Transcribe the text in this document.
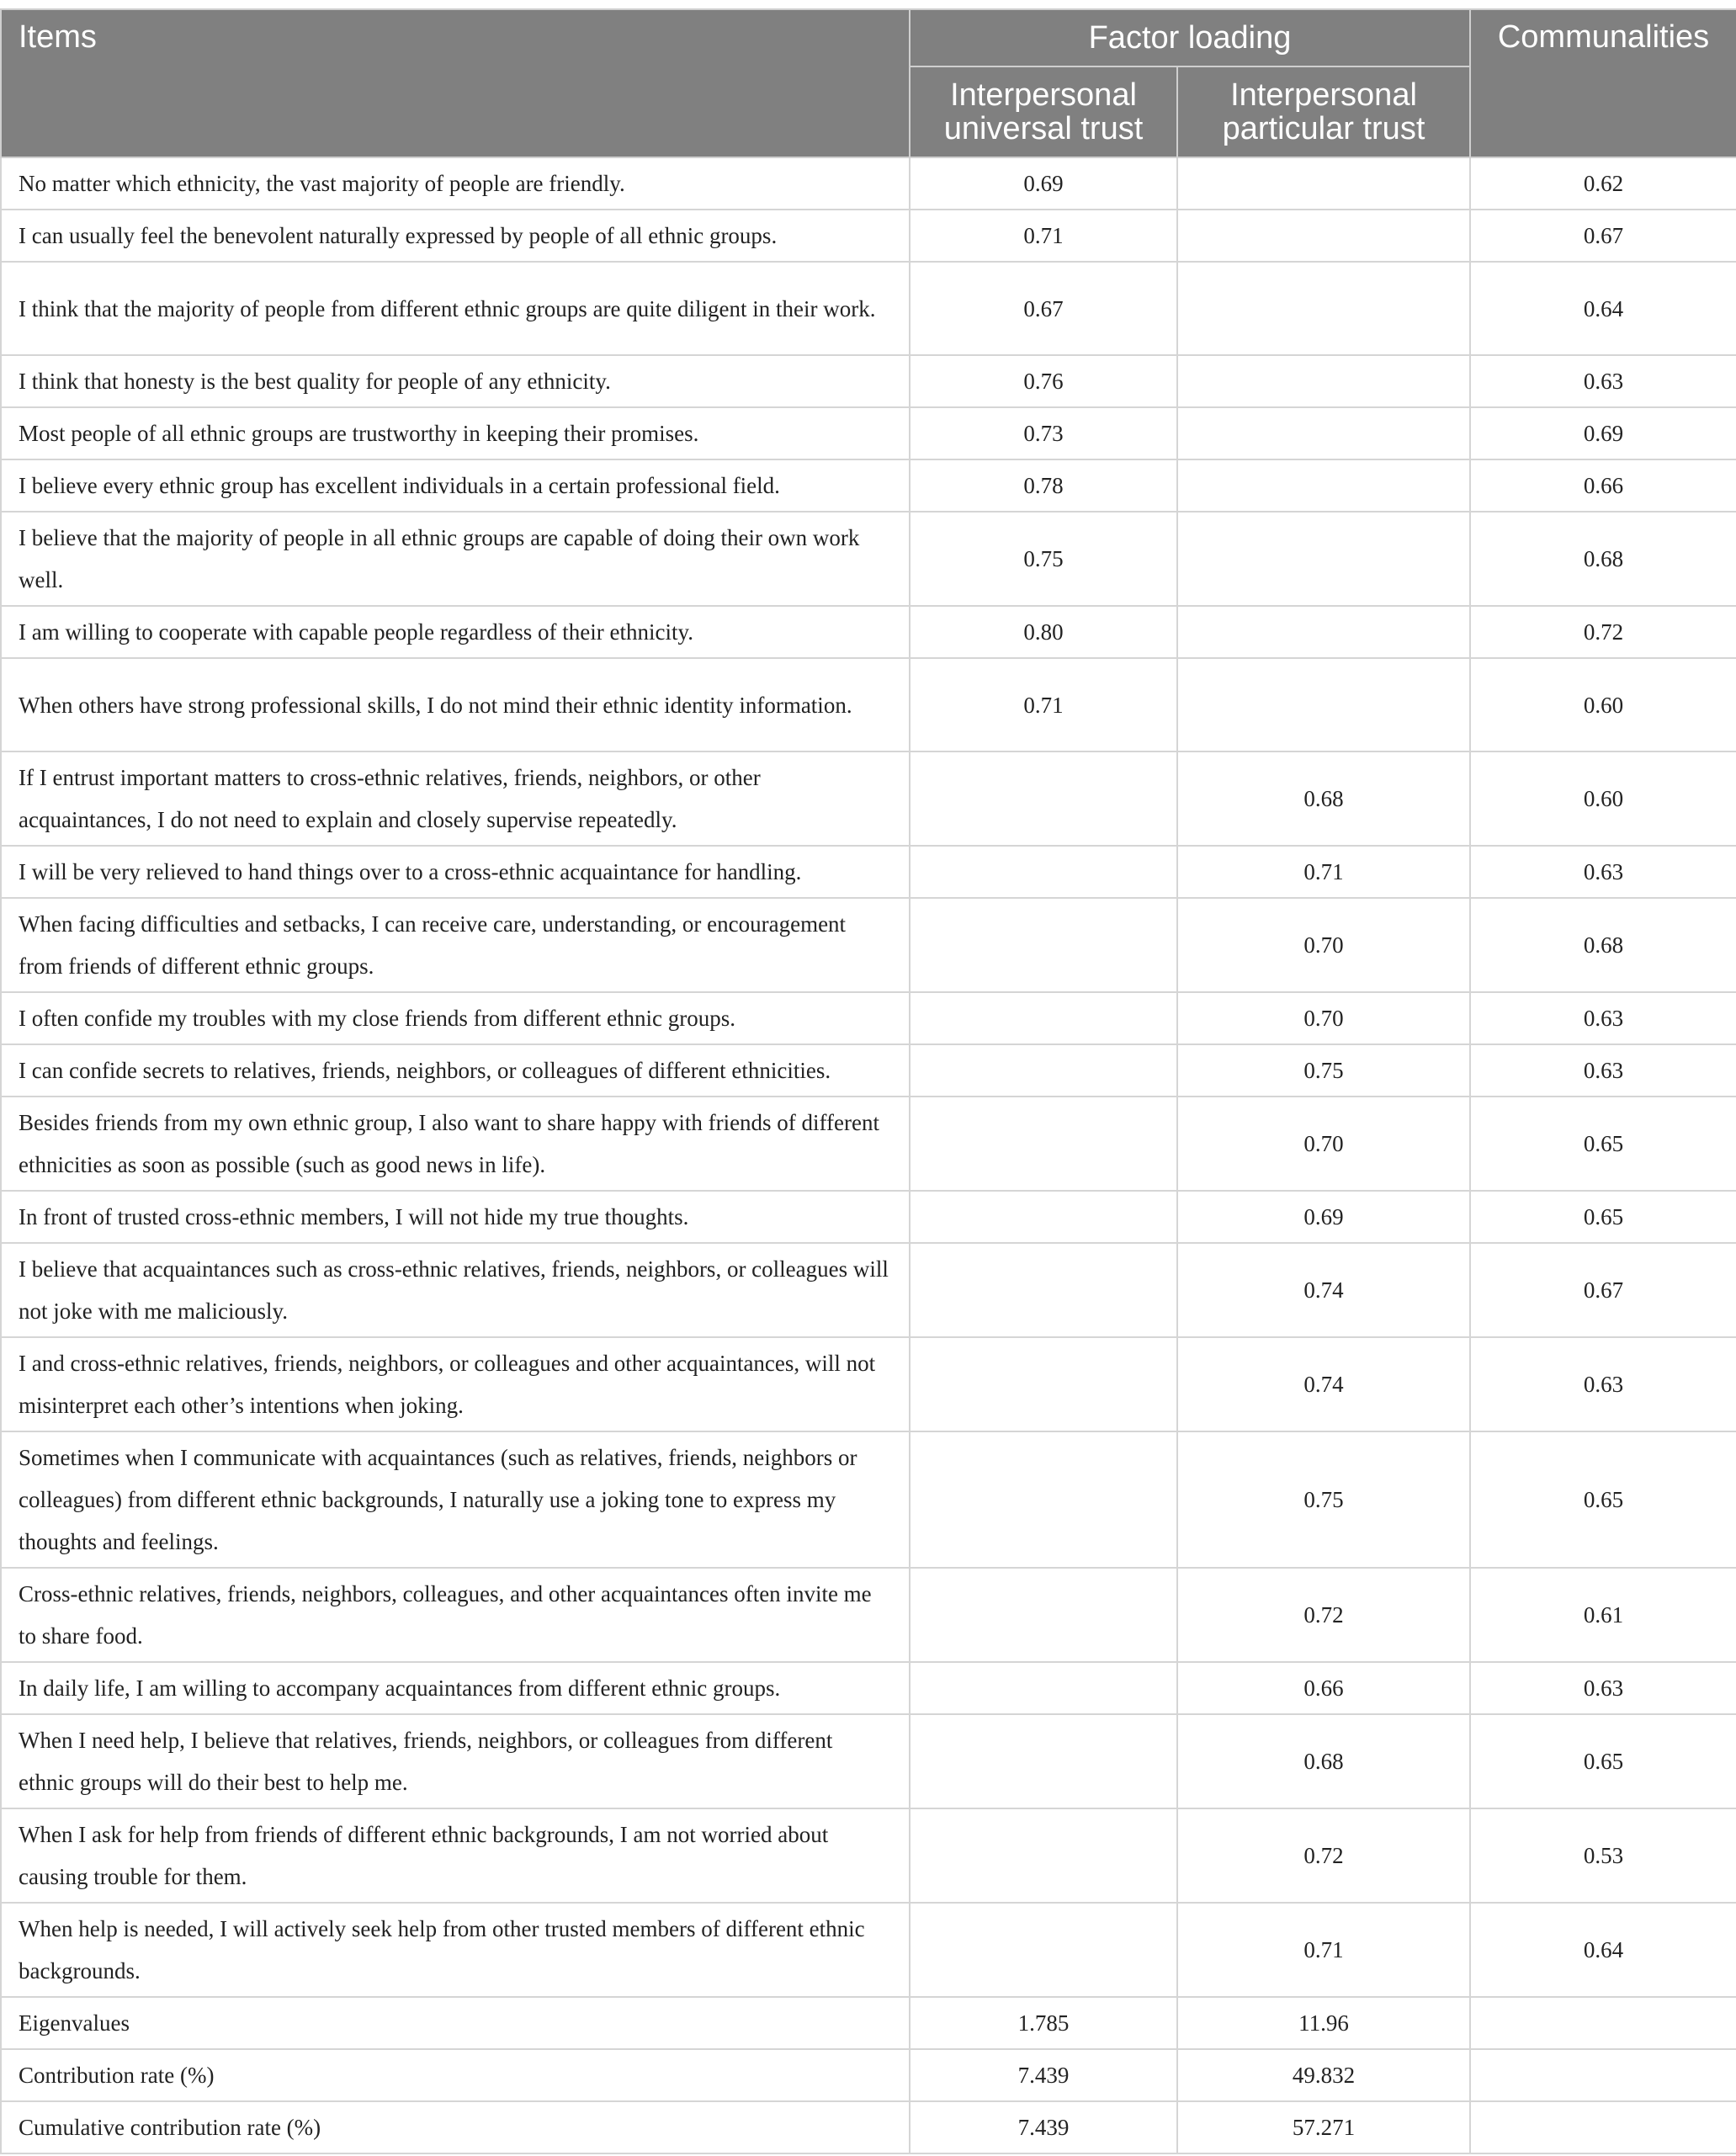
Items	Factor loading		Communalities
	Interpersonal universal trust	Interpersonal particular trust	
No matter which ethnicity, the vast majority of people are friendly.	0.69		0.62
I can usually feel the benevolent naturally expressed by people of all ethnic groups.	0.71		0.67
I think that the majority of people from different ethnic groups are quite diligent in their work.	0.67		0.64
I think that honesty is the best quality for people of any ethnicity.	0.76		0.63
Most people of all ethnic groups are trustworthy in keeping their promises.	0.73		0.69
I believe every ethnic group has excellent individuals in a certain professional field.	0.78		0.66
I believe that the majority of people in all ethnic groups are capable of doing their own work well.	0.75		0.68
I am willing to cooperate with capable people regardless of their ethnicity.	0.80		0.72
When others have strong professional skills, I do not mind their ethnic identity information.	0.71		0.60
If I entrust important matters to cross-ethnic relatives, friends, neighbors, or other acquaintances, I do not need to explain and closely supervise repeatedly.		0.68	0.60
I will be very relieved to hand things over to a cross-ethnic acquaintance for handling.		0.71	0.63
When facing difficulties and setbacks, I can receive care, understanding, or encouragement from friends of different ethnic groups.		0.70	0.68
I often confide my troubles with my close friends from different ethnic groups.		0.70	0.63
I can confide secrets to relatives, friends, neighbors, or colleagues of different ethnicities.		0.75	0.63
Besides friends from my own ethnic group, I also want to share happy with friends of different ethnicities as soon as possible (such as good news in life).		0.70	0.65
In front of trusted cross-ethnic members, I will not hide my true thoughts.		0.69	0.65
I believe that acquaintances such as cross-ethnic relatives, friends, neighbors, or colleagues will not joke with me maliciously.		0.74	0.67
I and cross-ethnic relatives, friends, neighbors, or colleagues and other acquaintances, will not misinterpret each other’s intentions when joking.		0.74	0.63
Sometimes when I communicate with acquaintances (such as relatives, friends, neighbors or colleagues) from different ethnic backgrounds, I naturally use a joking tone to express my thoughts and feelings.		0.75	0.65
Cross-ethnic relatives, friends, neighbors, colleagues, and other acquaintances often invite me to share food.		0.72	0.61
In daily life, I am willing to accompany acquaintances from different ethnic groups.		0.66	0.63
When I need help, I believe that relatives, friends, neighbors, or colleagues from different ethnic groups will do their best to help me.		0.68	0.65
When I ask for help from friends of different ethnic backgrounds, I am not worried about causing trouble for them.		0.72	0.53
When help is needed, I will actively seek help from other trusted members of different ethnic backgrounds.		0.71	0.64
Eigenvalues	1.785	11.96	
Contribution rate (%)	7.439	49.832	
Cumulative contribution rate (%)	7.439	57.271	
